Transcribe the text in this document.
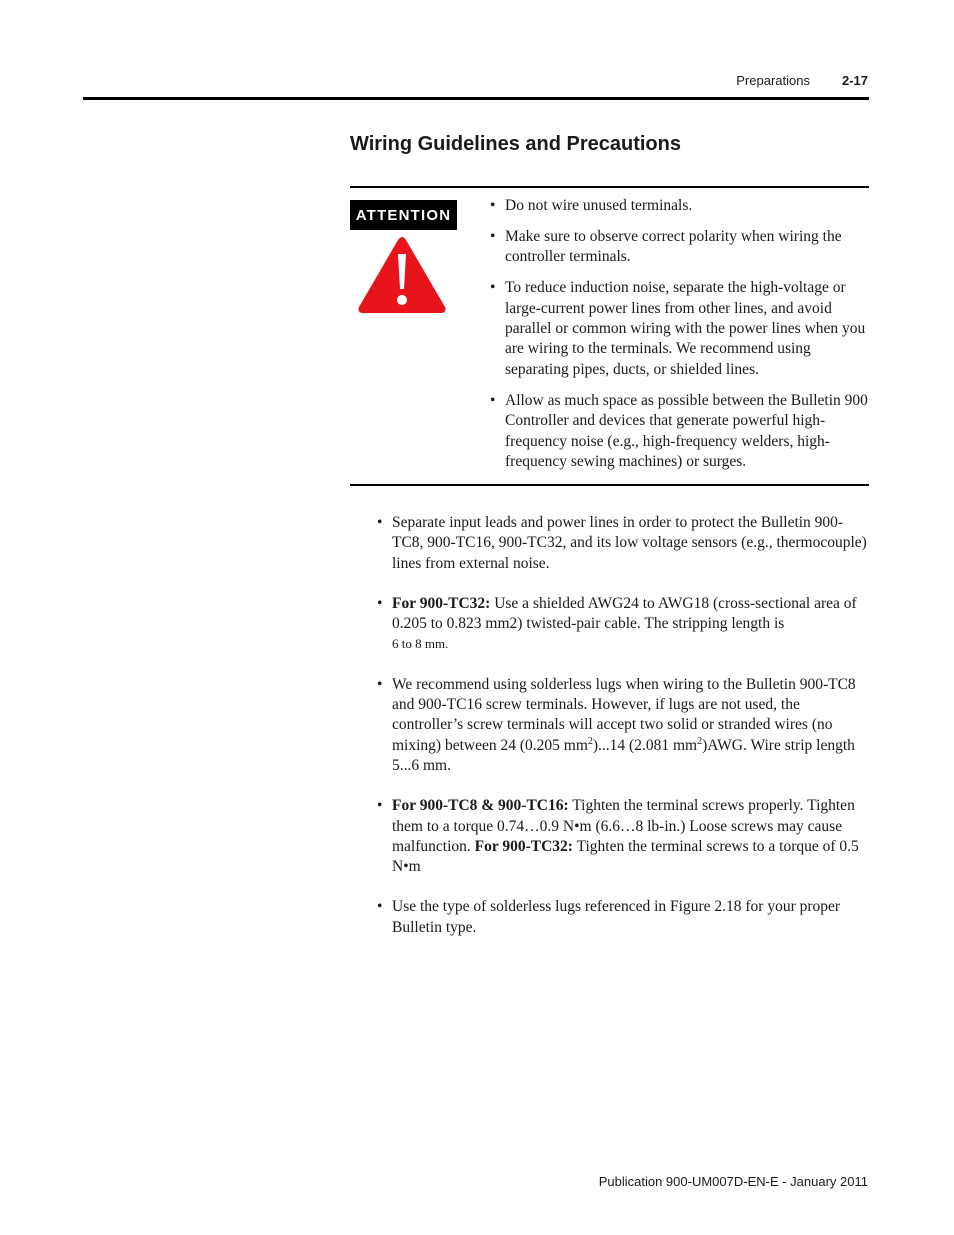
Preparations 2-17
Wiring Guidelines and Precautions
ATTENTION
• Do not wire unused terminals.
• Make sure to observe correct polarity when wiring the controller terminals.
• To reduce induction noise, separate the high-voltage or large-current power lines from other lines, and avoid parallel or common wiring with the power lines when you are wiring to the terminals. We recommend using separating pipes, ducts, or shielded lines.
• Allow as much space as possible between the Bulletin 900 Controller and devices that generate powerful high-frequency noise (e.g., high-frequency welders, high-frequency sewing machines) or surges.
• Separate input leads and power lines in order to protect the Bulletin 900-TC8, 900-TC16, 900-TC32, and its low voltage sensors (e.g., thermocouple) lines from external noise.
• For 900-TC32: Use a shielded AWG24 to AWG18 (cross-sectional area of 0.205 to 0.823 mm2) twisted-pair cable. The stripping length is
6 to 8 mm.
• We recommend using solderless lugs when wiring to the Bulletin 900-TC8 and 900-TC16 screw terminals. However, if lugs are not used, the controller’s screw terminals will accept two solid or stranded wires (no mixing) between 24 (0.205 $mm^2)...14$ (2.081 $mm^2)AWG$. Wire strip length 5...6 mm.
• For 900-TC8 & 900-TC16: Tighten the terminal screws properly. Tighten them to a torque 0.74…0.9 N•m (6.6…8 lb-in.) Loose screws may cause malfunction. For 900-TC32: Tighten the terminal screws to a torque of 0.5 N•m
• Use the type of solderless lugs referenced in Figure 2.18 for your proper Bulletin type.
Publication 900-UM007D-EN-E - January 2011
